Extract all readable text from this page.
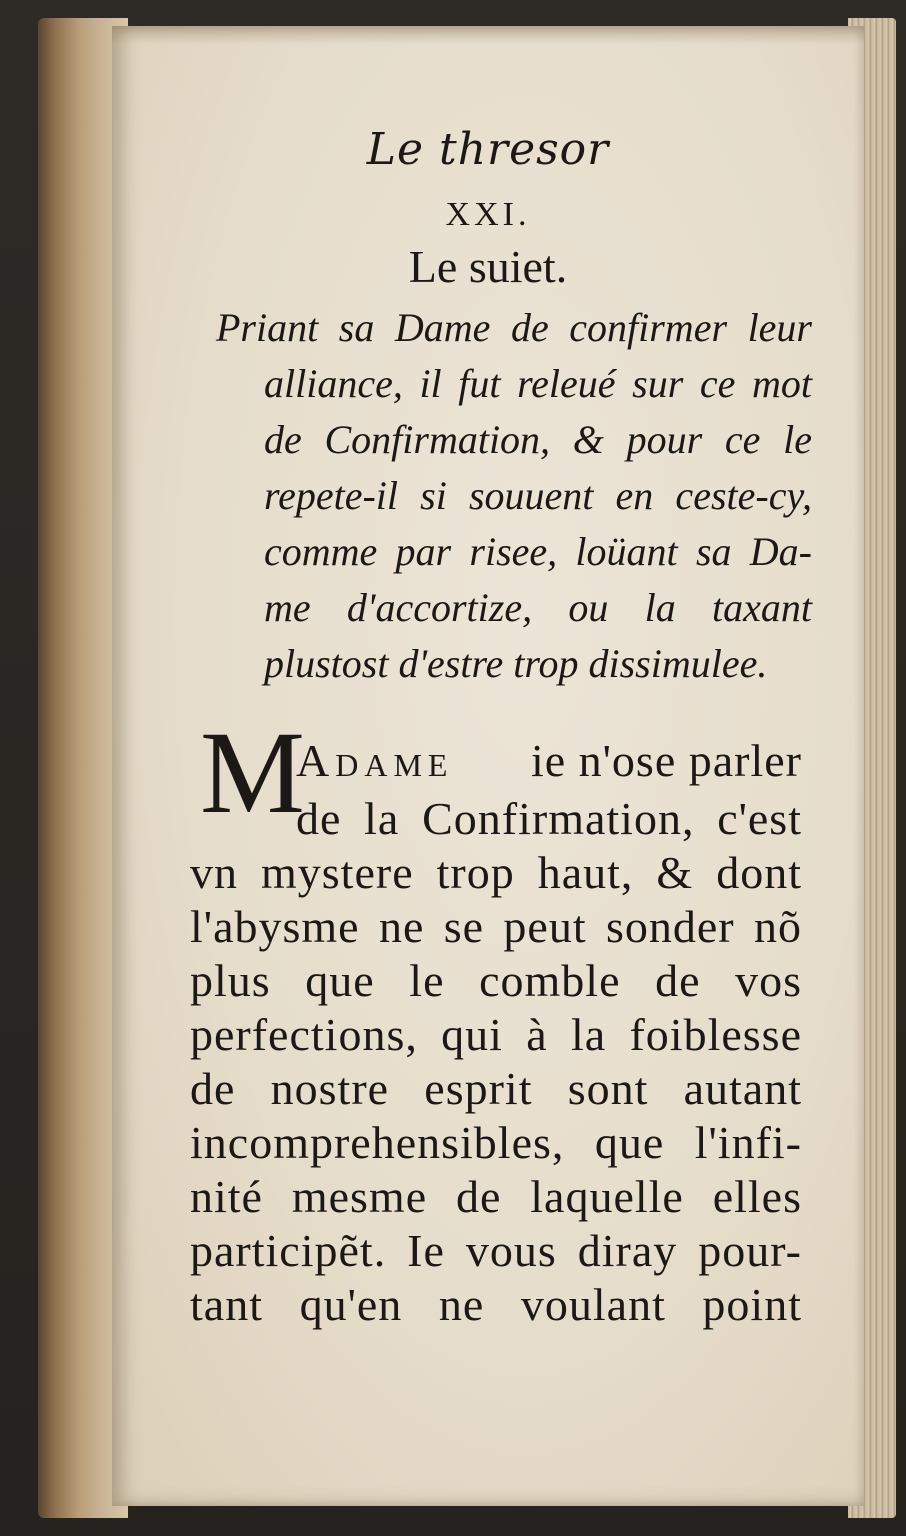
Le thresor
XXI.
Le suiet.
Priant sa Dame de confirmer leur
alliance, il fut releué sur ce mot
de Confirmation, & pour ce le
repete-il si souuent en ceste-cy,
comme par risee, loüant sa Da-
me d'accortize, ou la taxant
plustost d'estre trop dissimulee.
M
Adame ie n'ose parler
de la Confirmation, c'est
vn mystere trop haut, & dont
l'abysme ne se peut sonder nõ
plus que le comble de vos
perfections, qui à la foiblesse
de nostre esprit sont autant
incomprehensibles, que l'infi-
nité mesme de laquelle elles
participẽt. Ie vous diray pour-
tant qu'en ne voulant point
